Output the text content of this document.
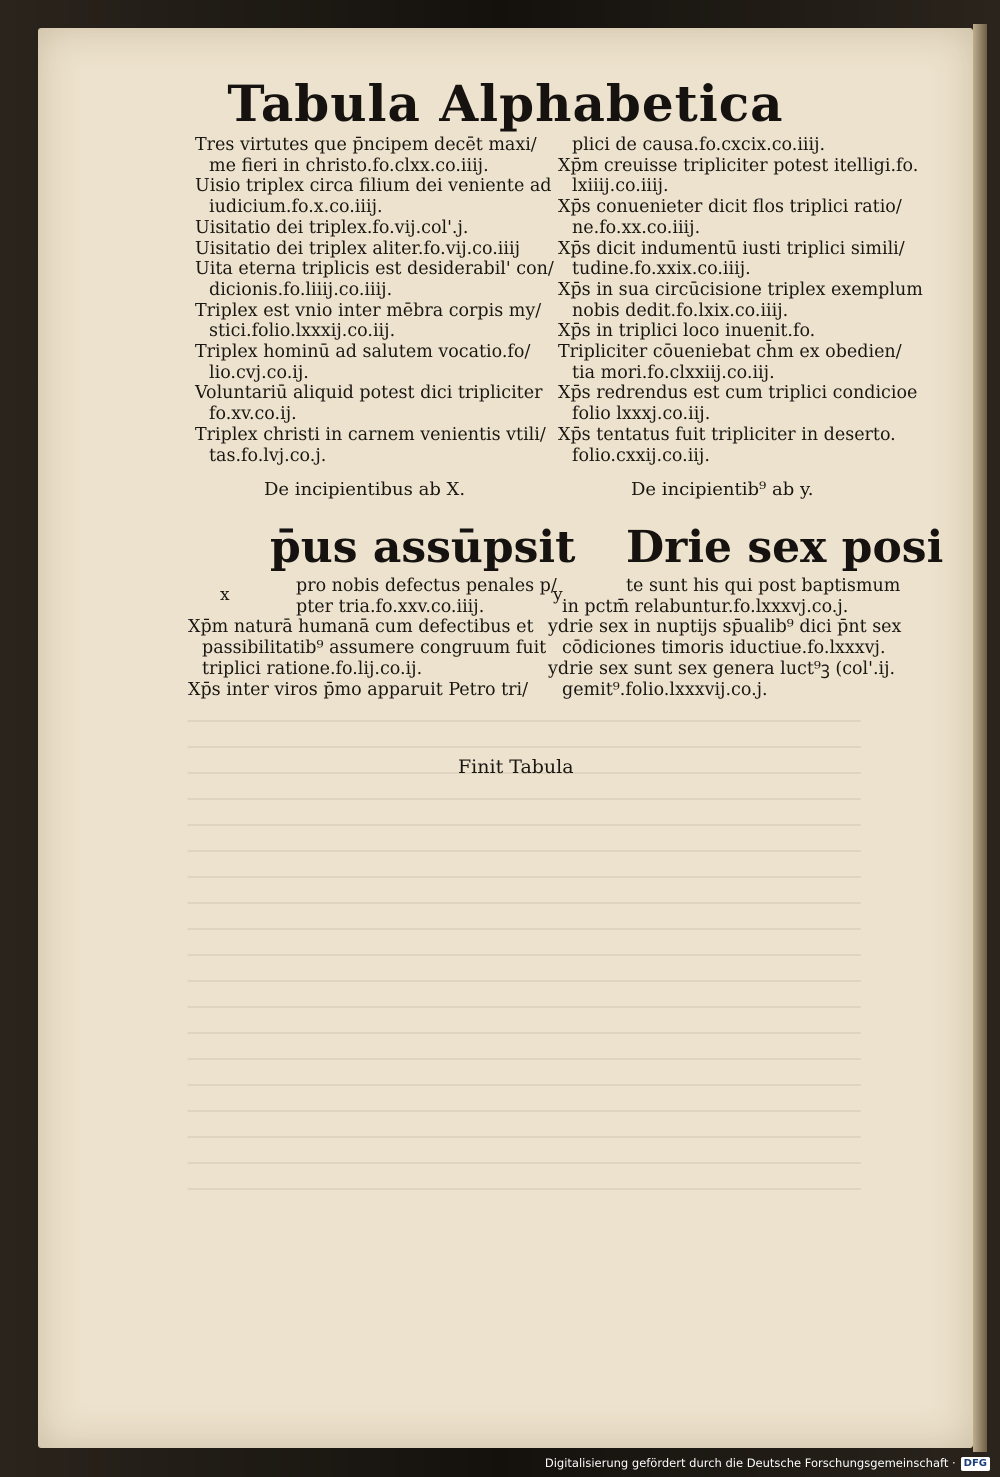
Tabula Alphabetica
Tres virtutes que p̄ncipem decēt maxi/
me fieri in christo.fo.clxx.co.iiij.
Uisio triplex circa filium dei veniente ad
iudicium.fo.x.co.iiij.
Uisitatio dei triplex.fo.vij.col'.j.
Uisitatio dei triplex aliter.fo.vij.co.iiij
Uita eterna triplicis est desiderabil' con/
dicionis.fo.liiij.co.iiij.
Triplex est vnio inter mēbra corpis my/
stici.folio.lxxxij.co.iij.
Triplex hominū ad salutem vocatio.fo/
lio.cvj.co.ij.
Voluntariū aliquid potest dici tripliciter
fo.xv.co.ij.
Triplex christi in carnem venientis vtili/
tas.fo.lvj.co.j.
plici de causa.fo.cxcix.co.iiij.
Xp̄m creuisse tripliciter potest itelligi.fo.
lxiiij.co.iiij.
Xp̄s conuenieter dicit flos triplici ratio/
ne.fo.xx.co.iiij.
Xp̄s dicit indumentū iusti triplici simili/
tudine.fo.xxix.co.iiij.
Xp̄s in sua circūcisione triplex exemplum
nobis dedit.fo.lxix.co.iiij.
Xp̄s in triplici loco inuenit.fo.
Tripliciter cōueniebat ch̄m ex obedien/
tia mori.fo.clxxiij.co.iij.
Xp̄s redrendus est cum triplici condicioe
folio lxxxj.co.iij.
Xp̄s tentatus fuit tripliciter in deserto.
folio.cxxij.co.iij.
De incipientibus ab X.	De incipientib⁹ ab y.
p̄us assūpsit Drie sex posi
x	y
pro nobis defectus penales p/
pter tria.fo.xxv.co.iiij.
Xp̄m naturā humanā cum defectibus et
passibilitatib⁹ assumere congruum fuit
triplici ratione.fo.lij.co.ij.
Xp̄s inter viros p̄mo apparuit Petro tri/
te sunt his qui post baptismum
in pctm̄ relabuntur.fo.lxxxvj.co.j.
ydrie sex in nuptijs sp̄ualib⁹ dici p̄nt sex
cōdiciones timoris iductiue.fo.lxxxvj.
ydrie sex sunt sex genera luct⁹ꝫ (col'.ij.
gemit⁹.folio.lxxxvij.co.j.
Finit Tabula
Digitalisierung gefördert durch die Deutsche Forschungsgemeinschaft · DFG
